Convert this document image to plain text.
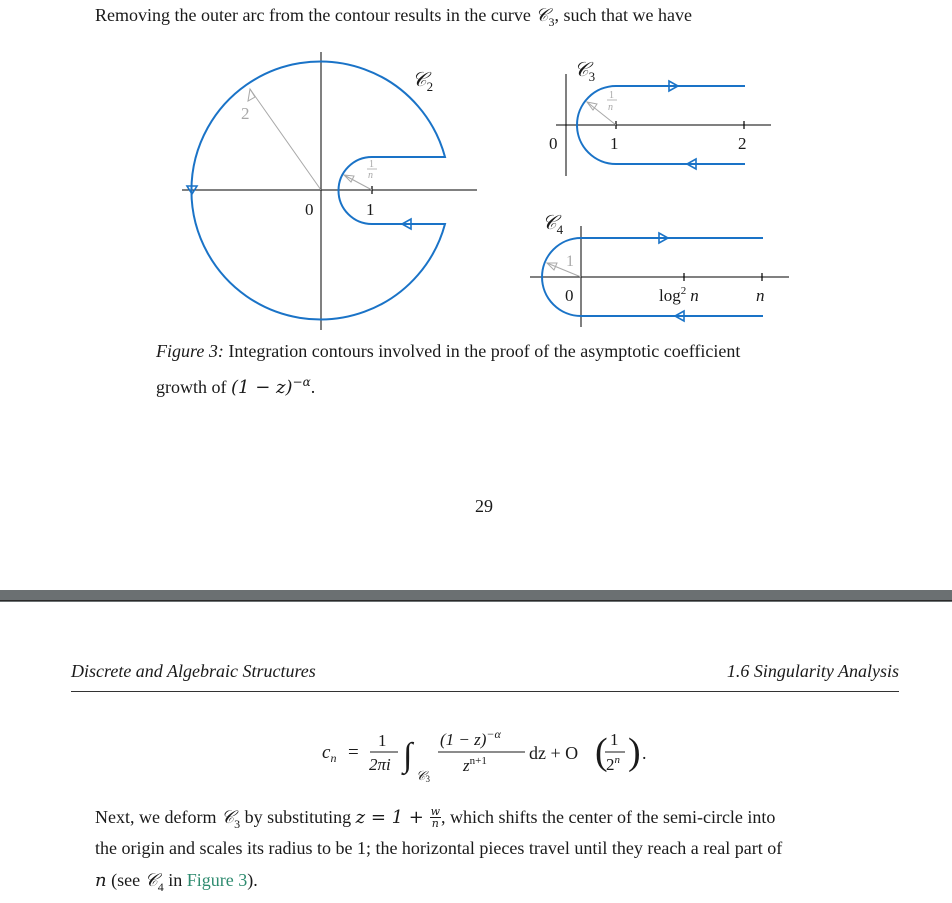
Removing the outer arc from the contour results in the curve 𝒞$_3$, such that we have
𝒞$_2$
2
0	1
1
n
𝒞$_3$
0	1	2
1
n
𝒞$_4$
1
0	$\log^2 n$	n
Figure 3: Integration contours involved in the proof of the asymptotic coefficient
growth of $(1 - z)^{-\alpha}$.
29
Discrete and Algebraic Structures	1.6 Singularity Analysis
$c_n$ =
1
2πi ∫
𝒞3
$(1 - z)^{-\alpha}$
$z^{n+1}$ dz + O ( 1
2$^n$ ) .
Next, we deform 𝒞$_3$ by substituting $z = 1 + \frac{w}{n}$ , which shifts the center of the semi-circle into
the origin and scales its radius to be 1; the horizontal pieces travel until they reach a real part of
n (see 𝒞$_4$ in Figure 3).
